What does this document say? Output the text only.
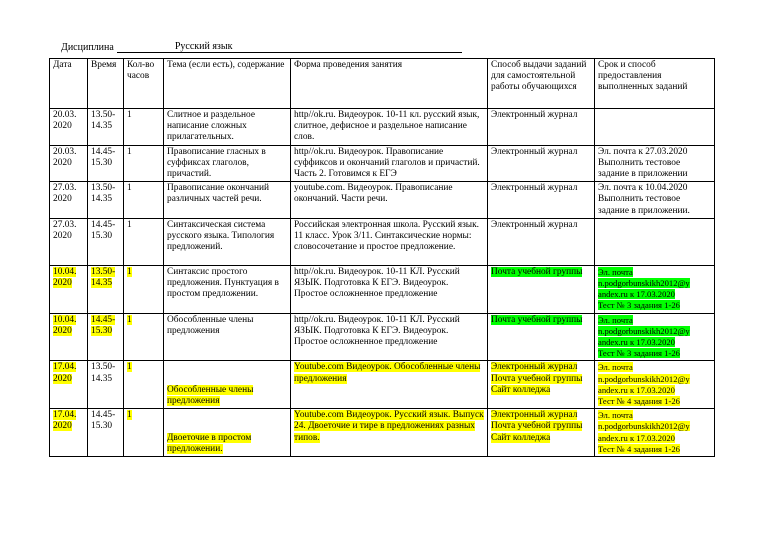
Дисциплина	Русский язык
Дата	Время	Кол-во часов	Тема (если есть), содержание	Форма проведения занятия	Способ выдачи заданий для самостоятельной работы обучающихся	Срок и способ предоставления выполненных заданий
20.03. 2020	13.50- 14.35	1	Слитное и раздельное написание сложных прилагательных.	http//ok.ru. Видеоурок. 10-11 кл. русский язык, слитное, дефисное и раздельное написание слов.	Электронный журнал	
20.03. 2020	14.45- 15.30	1	Правописание гласных в суффиксах глаголов, причастий.	http//ok.ru. Видеоурок. Правописание суффиксов и окончаний глаголов и причастий. Часть 2. Готовимся к ЕГЭ	Электронный журнал	Эл. почта к 27.03.2020 Выполнить тестовое задание в приложении
27.03. 2020	13.50- 14.35	1	Правописание окончаний различных частей речи.	youtube.com. Видеоурок. Правописание окончаний. Части речи.	Электронный журнал	Эл. почта к 10.04.2020 Выполнить тестовое задание в приложении.
27.03. 2020	14.45- 15.30	1	Синтаксическая система русского языка. Типология предложений.	Российская электронная школа. Русский язык. 11 класс. Урок 3/11. Синтаксические нормы: словосочетание и простое предложение.	Электронный журнал	
10.04. 2020	13.50- 14.35	1	Синтаксис простого предложения. Пунктуация в простом предложении.	http//ok.ru. Видеоурок. 10-11 КЛ. Русский ЯЗЫК. Подготовка К ЕГЭ. Видеоурок. Простое осложненное предложение	Почта учебной группы	Эл. почта
n.podgorbunskikh2012@y
andex.ru к 17.03.2020
Тест № 3 задания 1-26
10.04. 2020	14.45- 15.30	1	Обособленные члены предложения	http//ok.ru. Видеоурок. 10-11 КЛ. Русский ЯЗЫК. Подготовка К ЕГЭ. Видеоурок. Простое осложненное предложение	Почта учебной группы	Эл. почта
n.podgorbunskikh2012@y
andex.ru к 17.03.2020
Тест № 3 задания 1-26
17.04. 2020	13.50- 14.35	1	Обособленные члены предложения	Youtube.com Видеоурок. Обособленные члены предложения	Электронный журнал
Почта учебной группы
Сайт колледжа	Эл. почта
n.podgorbunskikh2012@y
andex.ru к 17.03.2020
Тест № 4 задания 1-26
17.04. 2020	14.45- 15.30	1	Двоеточие в простом предложении.	Youtube.com Видеоурок. Русский язык. Выпуск 24. Двоеточие и тире в предложениях разных типов.	Электронный журнал
Почта учебной группы
Сайт колледжа	Эл. почта
n.podgorbunskikh2012@y
andex.ru к 17.03.2020
Тест № 4 задания 1-26
